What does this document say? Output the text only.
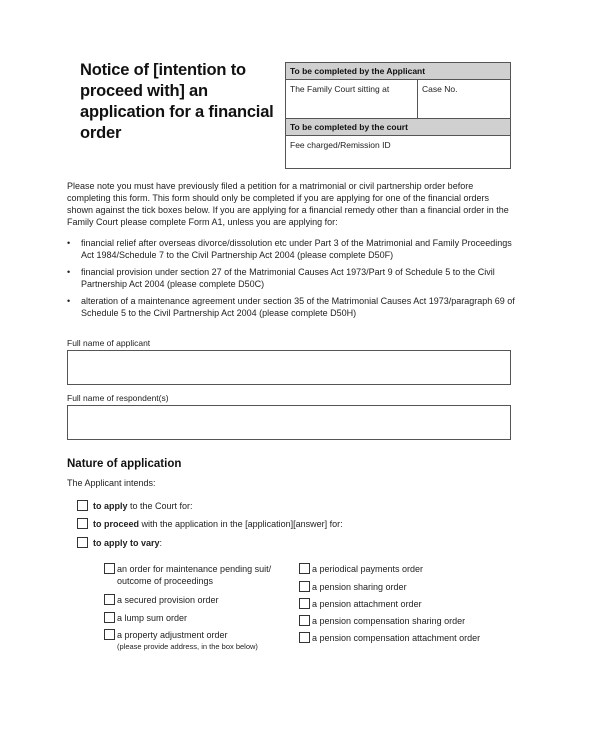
Notice of [intention to proceed with] an application for a financial order
To be completed by the Applicant
The Family Court sitting at	Case No.
To be completed by the court
Fee charged/Remission ID
Please note you must have previously filed a petition for a matrimonial or civil partnership order before completing this form. This form should only be completed if you are applying for one of the financial orders shown against the tick boxes below. If you are applying for a financial remedy other than a financial order in the Family Court please complete Form A1, unless you are applying for:
•	financial relief after overseas divorce/dissolution etc under Part 3 of the Matrimonial and Family Proceedings Act 1984/Schedule 7 to the Civil Partnership Act 2004 (please complete D50F)
•	financial provision under section 27 of the Matrimonial Causes Act 1973/Part 9 of Schedule 5 to the Civil Partnership Act 2004 (please complete D50C)
•	alteration of a maintenance agreement under section 35 of the Matrimonial Causes Act 1973/paragraph 69 of Schedule 5 to the Civil Partnership Act 2004 (please complete D50H)
Full name of applicant
Full name of respondent(s)
Nature of application
The Applicant intends:
to apply to the Court for:
to proceed with the application in the [application][answer] for:
to apply to vary:
an order for maintenance pending suit/
outcome of proceedings
a secured provision order
a lump sum order
a property adjustment order
(please provide address, in the box below)
a periodical payments order
a pension sharing order
a pension attachment order
a pension compensation sharing order
a pension compensation attachment order
